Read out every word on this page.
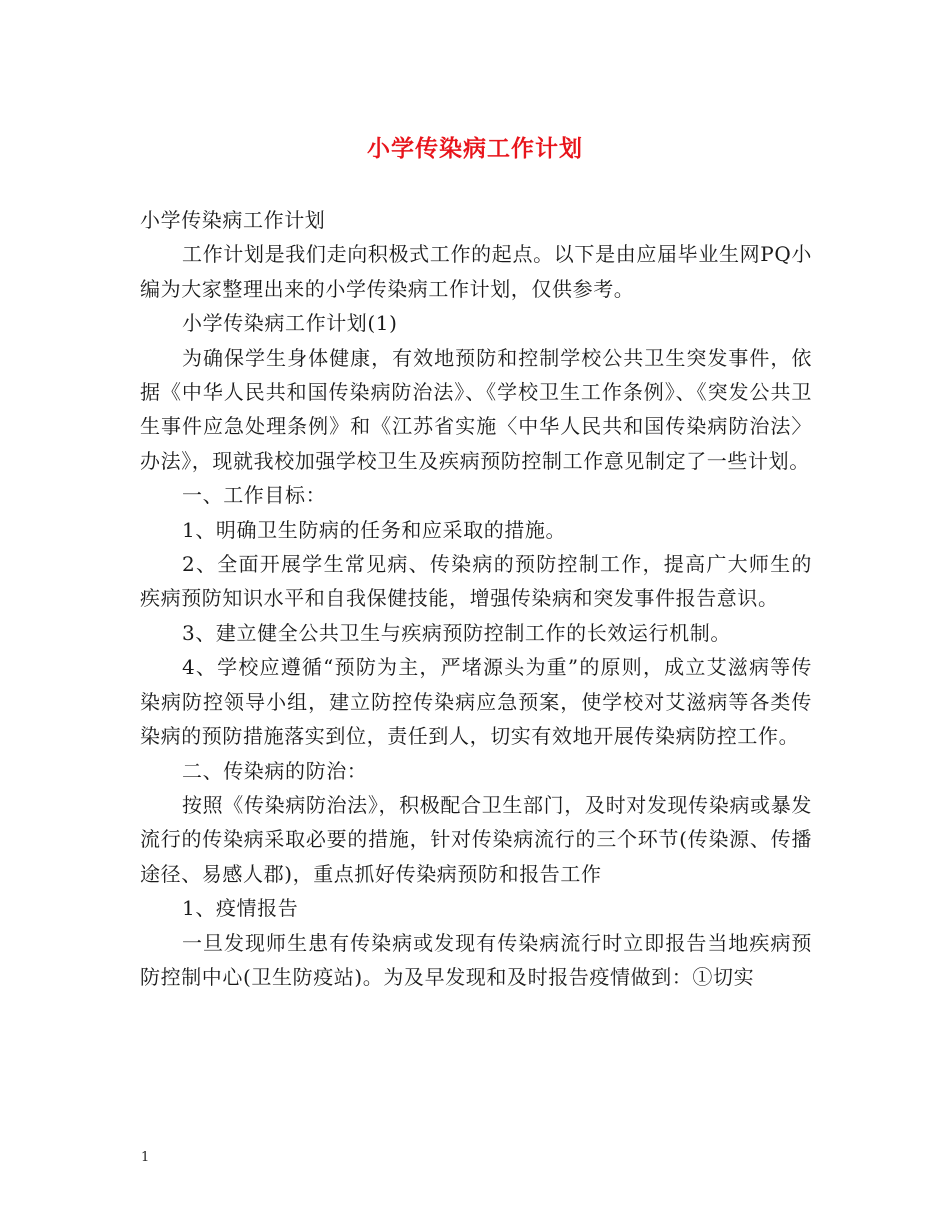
小学传染病工作计划

小学传染病工作计划

工作计划是我们走向积极式工作的起点。以下是由应届毕业生网PQ小编为大家整理出来的小学传染病工作计划，仅供参考。

小学传染病工作计划(1)

为确保学生身体健康，有效地预防和控制学校公共卫生突发事件，依据《中华人民共和国传染病防治法》、《学校卫生工作条例》、《突发公共卫生事件应急处理条例》和《江苏省实施〈中华人民共和国传染病防治法〉办法》，现就我校加强学校卫生及疾病预防控制工作意见制定了一些计划。

一、工作目标：

1、明确卫生防病的任务和应采取的措施。

2、全面开展学生常见病、传染病的预防控制工作，提高广大师生的疾病预防知识水平和自我保健技能，增强传染病和突发事件报告意识。

3、建立健全公共卫生与疾病预防控制工作的长效运行机制。

4、学校应遵循“预防为主，严堵源头为重”的原则，成立艾滋病等传染病防控领导小组，建立防控传染病应急预案，使学校对艾滋病等各类传染病的预防措施落实到位，责任到人，切实有效地开展传染病防控工作。

二、传染病的防治：

按照《传染病防治法》，积极配合卫生部门，及时对发现传染病或暴发流行的传染病采取必要的措施，针对传染病流行的三个环节(传染源、传播途径、易感人郡)，重点抓好传染病预防和报告工作

1、疫情报告

一旦发现师生患有传染病或发现有传染病流行时立即报告当地疾病预防控制中心(卫生防疫站)。为及早发现和及时报告疫情做到：①切实

1
